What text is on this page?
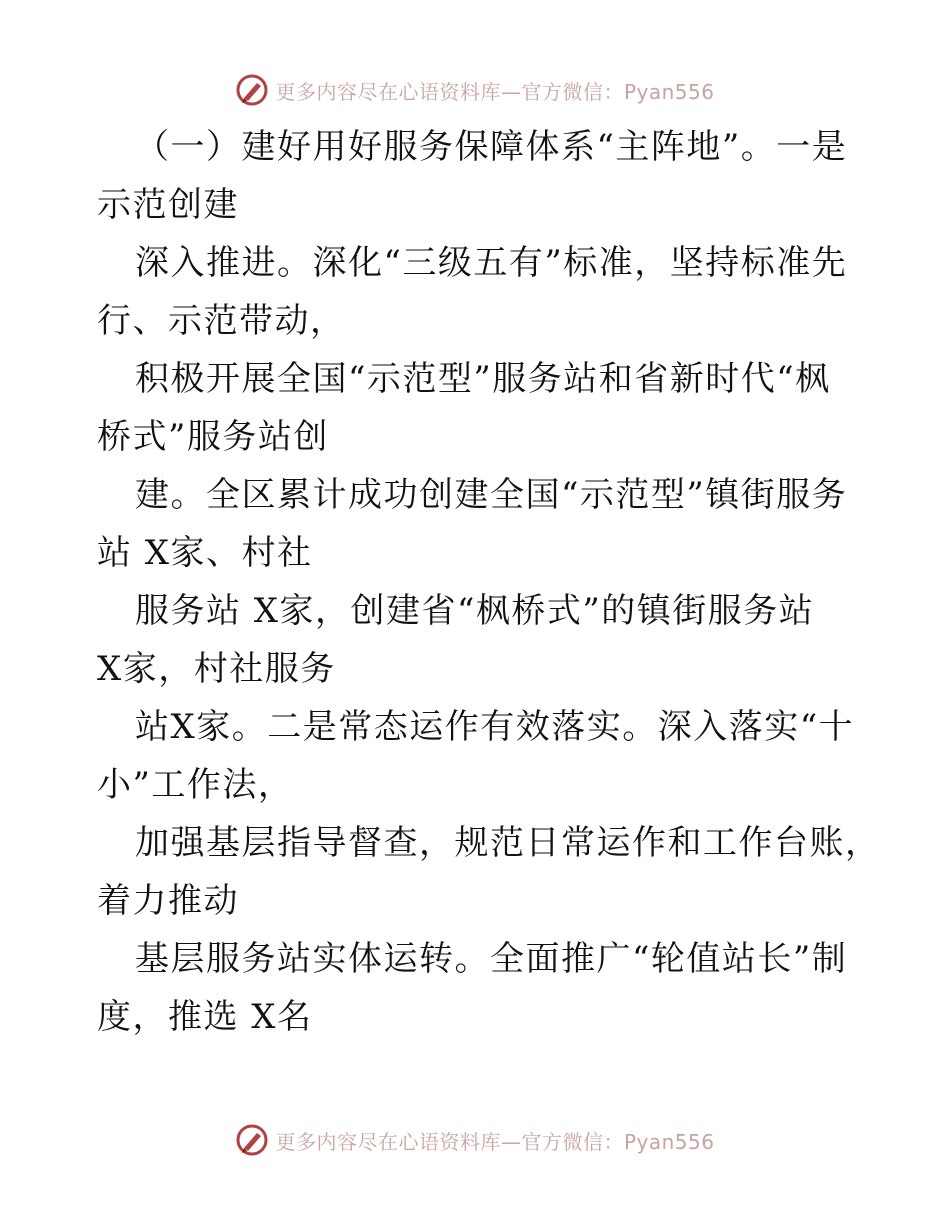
更多内容尽在心语资料库—官方微信：Pyan556
（一）建好用好服务保障体系“主阵地”。一是
示范创建
深入推进。深化“三级五有”标准，坚持标准先
行、示范带动，
积极开展全国“示范型”服务站和省新时代“枫
桥式”服务站创
建。全区累计成功创建全国“示范型”镇街服务
站 X家、村社
服务站 X家，创建省“枫桥式”的镇街服务站
X家，村社服务
站X家。二是常态运作有效落实。深入落实“十
小”工作法，
加强基层指导督查，规范日常运作和工作台账，
着力推动
基层服务站实体运转。全面推广“轮值站长”制
度，推选 X名
更多内容尽在心语资料库—官方微信：Pyan556
